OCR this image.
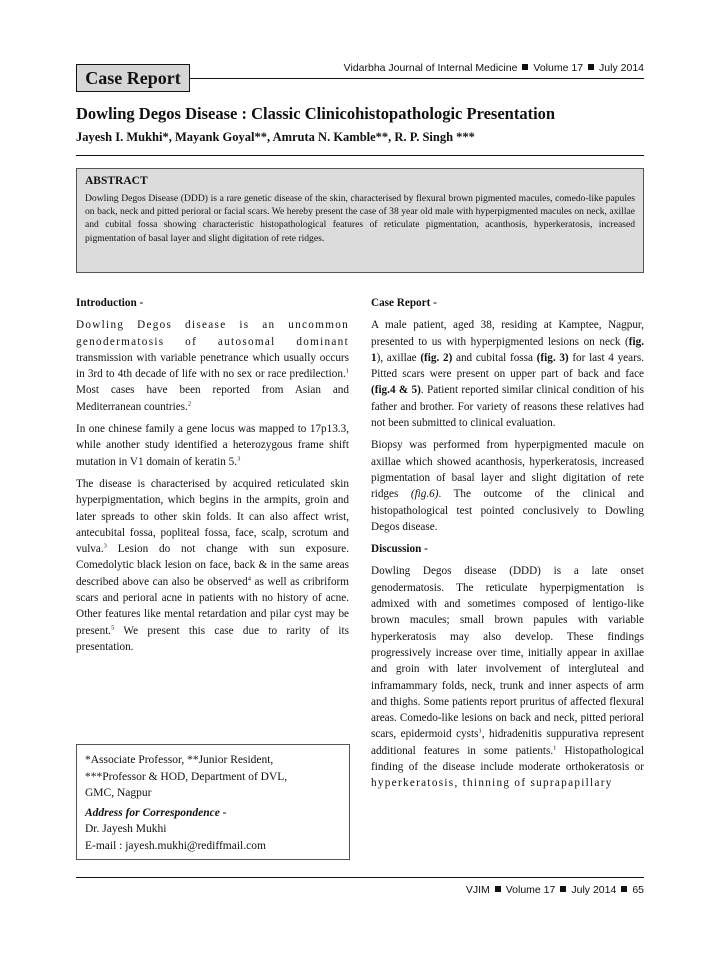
Vidarbha Journal of Internal Medicine Volume 17 July 2014
Case Report
Dowling Degos Disease : Classic Clinicohistopathologic Presentation

Jayesh I. Mukhi*, Mayank Goyal**, Amruta N. Kamble**, R. P. Singh ***

ABSTRACT
Dowling Degos Disease (DDD) is a rare genetic disease of the skin, characterised by flexural brown pigmented macules, comedo-like papules on back, neck and pitted perioral or facial scars. We hereby present the case of 38 year old male with hyperpigmented macules on neck, axillae and cubital fossa showing characteristic histopathological features of reticulate pigmentation, acanthosis, hyperkeratosis, increased pigmentation of basal layer and slight digitation of rete ridges.
Introduction -

Dowling Degos disease is an uncommon genodermatosis of autosomal dominant transmission with variable penetrance which usually occurs in 3rd to 4th decade of life with no sex or race predilection.$^1$ Most cases have been reported from Asian and Mediterranean countries.$^2$

In one chinese family a gene locus was mapped to 17p13.3, while another study identified a heterozygous frame shift mutation in V1 domain of keratin 5.$^3$

The disease is characterised by acquired reticulated skin hyperpigmentation, which begins in the armpits, groin and later spreads to other skin folds. It can also affect wrist, antecubital fossa, popliteal fossa, face, scalp, scrotum and vulva.$^3$ Lesion do not change with sun exposure. Comedolytic black lesion on face, back & in the same areas described above can also be observed$^4$ as well as cribriform scars and perioral acne in patients with no history of acne. Other features like mental retardation and pilar cyst may be present.$^5$ We present this case due to rarity of its presentation.

*Associate Professor, **Junior Resident,
***Professor & HOD, Department of DVL,
GMC, Nagpur
Address for Correspondence -
Dr. Jayesh Mukhi
E-mail : jayesh.mukhi@rediffmail.com
Case Report -

A male patient, aged 38, residing at Kamptee, Nagpur, presented to us with hyperpigmented lesions on neck (fig. 1), axillae (fig. 2) and cubital fossa (fig. 3) for last 4 years. Pitted scars were present on upper part of back and face (fig.4 & 5). Patient reported similar clinical condition of his father and brother. For variety of reasons these relatives had not been submitted to clinical evaluation.

Biopsy was performed from hyperpigmented macule on axillae which showed acanthosis, hyperkeratosis, increased pigmentation of basal layer and slight digitation of rete ridges (fig.6). The outcome of the clinical and histopathological test pointed conclusively to Dowling Degos disease.

Discussion -

Dowling Degos disease (DDD) is a late onset genodermatosis. The reticulate hyperpigmentation is admixed with and sometimes composed of lentigo-like brown macules; small brown papules with variable hyperkeratosis may also develop. These findings progressively increase over time, initially appear in axillae and groin with later involvement of intergluteal and inframammary folds, neck, trunk and inner aspects of arm and thighs. Some patients report pruritus of affected flexural areas. Comedo-like lesions on back and neck, pitted perioral scars, epidermoid cysts$^1$, hidradenitis suppurativa represent additional features in some patients.$^1$ Histopathological finding of the disease include moderate orthokeratosis or hyperkeratosis, thinning of suprapapillary

VJIM Volume 17 July 2014 65
